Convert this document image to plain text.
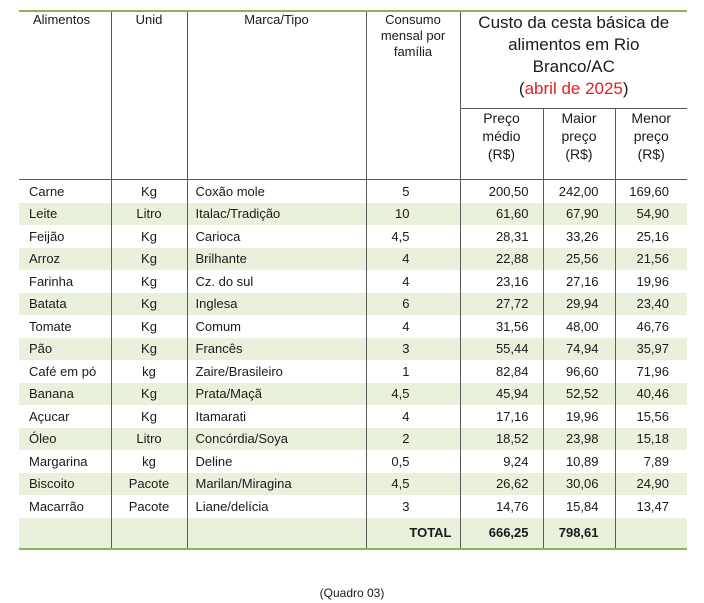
Alimentos	Unid	Marca/Tipo	Consumo mensal por família	Custo da cesta básica de alimentos em Rio Branco/AC
(abril de 2025)		

				Preço médio (R$)	Maior preço (R$)	Menor preço (R$)

Carne	Kg	Coxão mole	5	200,50	242,00	169,60
Leite	Litro	Italac/Tradição	10	61,60	67,90	54,90
Feijão	Kg	Carioca	4,5	28,31	33,26	25,16
Arroz	Kg	Brilhante	4	22,88	25,56	21,56
Farinha	Kg	Cz. do sul	4	23,16	27,16	19,96
Batata	Kg	Inglesa	6	27,72	29,94	23,40
Tomate	Kg	Comum	4	31,56	48,00	46,76
Pão	Kg	Francês	3	55,44	74,94	35,97
Café em pó	kg	Zaire/Brasileiro	1	82,84	96,60	71,96
Banana	Kg	Prata/Maçã	4,5	45,94	52,52	40,46
Açucar	Kg	Itamarati	4	17,16	19,96	15,56
Óleo	Litro	Concórdia/Soya	2	18,52	23,98	15,18
Margarina	kg	Deline	0,5	9,24	10,89	7,89
Biscoito	Pacote	Marilan/Miragina	4,5	26,62	30,06	24,90
Macarrão	Pacote	Liane/delícia	3	14,76	15,84	13,47
			TOTAL	666,25	798,61	
(Quadro 03)
